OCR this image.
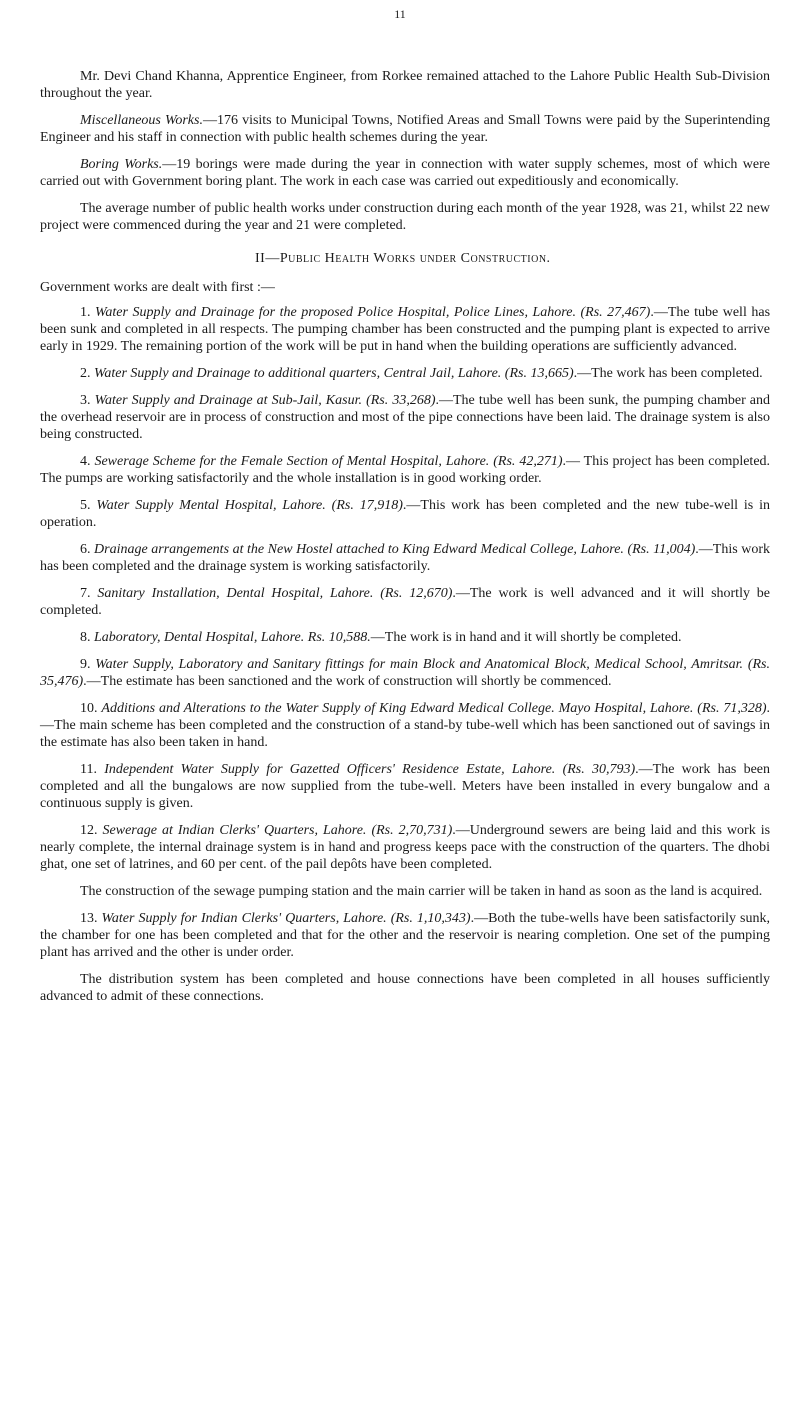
11

Mr. Devi Chand Khanna, Apprentice Engineer, from Rorkee remained attached to the Lahore Public Health Sub-Division throughout the year.

Miscellaneous Works.—176 visits to Municipal Towns, Notified Areas and Small Towns were paid by the Superintending Engineer and his staff in connection with public health schemes during the year.

Boring Works.—19 borings were made during the year in connection with water supply schemes, most of which were carried out with Government boring plant. The work in each case was carried out expeditiously and economically.

The average number of public health works under construction during each month of the year 1928, was 21, whilst 22 new project were commenced during the year and 21 were completed.

II—Public Health Works under Construction.

Government works are dealt with first :—

1. Water Supply and Drainage for the proposed Police Hospital, Police Lines, Lahore. (Rs. 27,467).—The tube well has been sunk and completed in all respects. The pumping chamber has been constructed and the pumping plant is expected to arrive early in 1929. The remaining portion of the work will be put in hand when the building operations are sufficiently advanced.

2. Water Supply and Drainage to additional quarters, Central Jail, Lahore. (Rs. 13,665).—The work has been completed.

3. Water Supply and Drainage at Sub-Jail, Kasur. (Rs. 33,268).—The tube well has been sunk, the pumping chamber and the overhead reservoir are in process of construction and most of the pipe connections have been laid. The drainage system is also being constructed.

4. Sewerage Scheme for the Female Section of Mental Hospital, Lahore. (Rs. 42,271).— This project has been completed. The pumps are working satisfactorily and the whole installation is in good working order.

5. Water Supply Mental Hospital, Lahore. (Rs. 17,918).—This work has been completed and the new tube-well is in operation.

6. Drainage arrangements at the New Hostel attached to King Edward Medical College, Lahore. (Rs. 11,004).—This work has been completed and the drainage system is working satisfactorily.

7. Sanitary Installation, Dental Hospital, Lahore. (Rs. 12,670).—The work is well advanced and it will shortly be completed.

8. Laboratory, Dental Hospital, Lahore. Rs. 10,588.—The work is in hand and it will shortly be completed.

9. Water Supply, Laboratory and Sanitary fittings for main Block and Anatomical Block, Medical School, Amritsar. (Rs. 35,476).—The estimate has been sanctioned and the work of construction will shortly be commenced.

10. Additions and Alterations to the Water Supply of King Edward Medical College. Mayo Hospital, Lahore. (Rs. 71,328).—The main scheme has been completed and the construction of a stand-by tube-well which has been sanctioned out of savings in the estimate has also been taken in hand.

11. Independent Water Supply for Gazetted Officers' Residence Estate, Lahore. (Rs. 30,793).—The work has been completed and all the bungalows are now supplied from the tube-well. Meters have been installed in every bungalow and a continuous supply is given.

12. Sewerage at Indian Clerks' Quarters, Lahore. (Rs. 2,70,731).—Underground sewers are being laid and this work is nearly complete, the internal drainage system is in hand and progress keeps pace with the construction of the quarters. The dhobi ghat, one set of latrines, and 60 per cent. of the pail depôts have been completed.

The construction of the sewage pumping station and the main carrier will be taken in hand as soon as the land is acquired.

13. Water Supply for Indian Clerks' Quarters, Lahore. (Rs. 1,10,343).—Both the tube-wells have been satisfactorily sunk, the chamber for one has been completed and that for the other and the reservoir is nearing completion. One set of the pumping plant has arrived and the other is under order.

The distribution system has been completed and house connections have been completed in all houses sufficiently advanced to admit of these connections.
